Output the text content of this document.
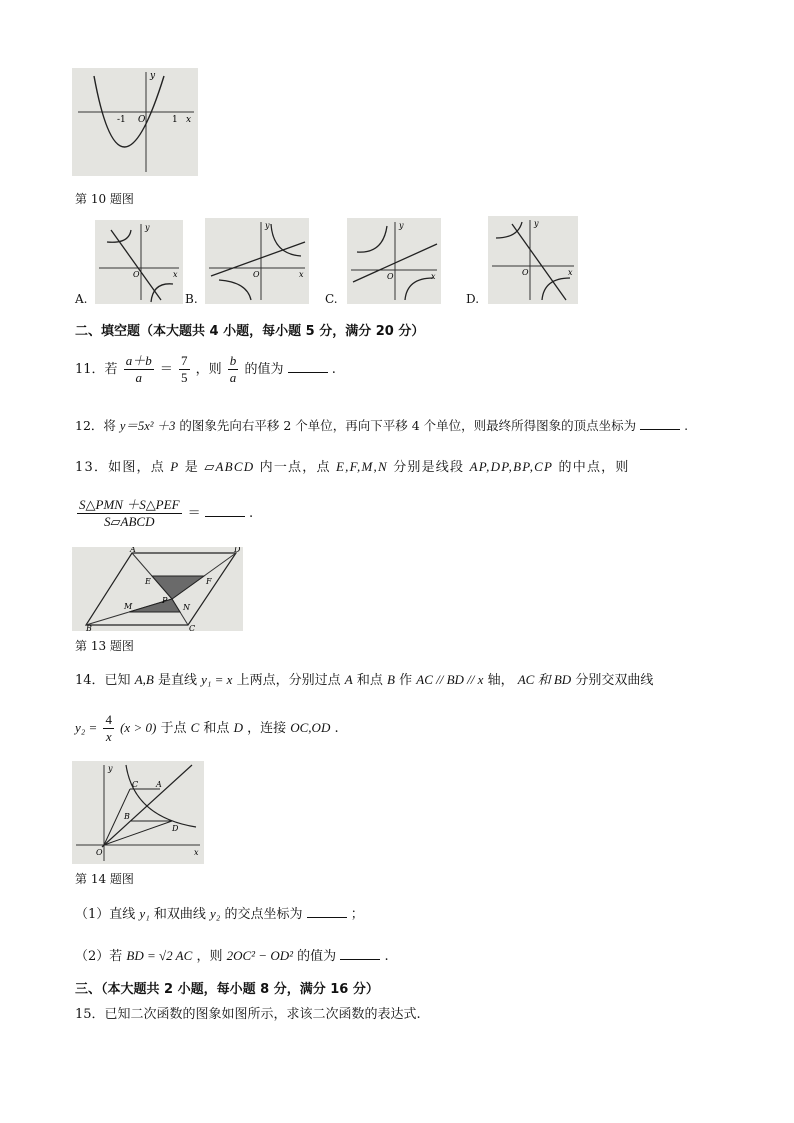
y
x
O
-1	1
第 10 题图
A.
y
x
O
B.
y
x
O
C.
y
x
O
D.
y
x
O
二、填空题（本大题共 4 小题，每小题 5 分，满分 20 分）
11．若 $\frac{a+b}{a} = \frac{7}{5}$ ，则 $\frac{b}{a}$ 的值为	.
12．将 y＝5x² ＋3 的图象先向右平移 2 个单位，再向下平移 4 个单位，则最终所得图象的顶点坐标为	.
13．如图，点 P 是 ▱ABCD 内一点，点 E,F,M,N 分别是线段 AP,DP,BP,CP 的中点，则
$\frac{\text{S△PMN ＋S△PEF}}{\text{S▱ABCD}}$ ＝	.
A	D
B	C
E	F
M	N
P
第 13 题图
14．已知 A,B 是直线 y₁ = x 上两点，分别过点 A 和点 B 作 AC // BD // x 轴， AC 和 BD 分别交双曲线
$y_2 = \frac{4}{x} (x > 0)$ 于点 C 和点 D ，连接 OC,OD .
y
x
O
C A
B
D
第 14 题图
（1）直线 y₁ 和双曲线 y₂ 的交点坐标为	；
（2）若 BD = √2 AC ，则 2OC² − OD² 的值为	.
三、（本大题共 2 小题，每小题 8 分，满分 16 分）
15．已知二次函数的图象如图所示，求该二次函数的表达式.
